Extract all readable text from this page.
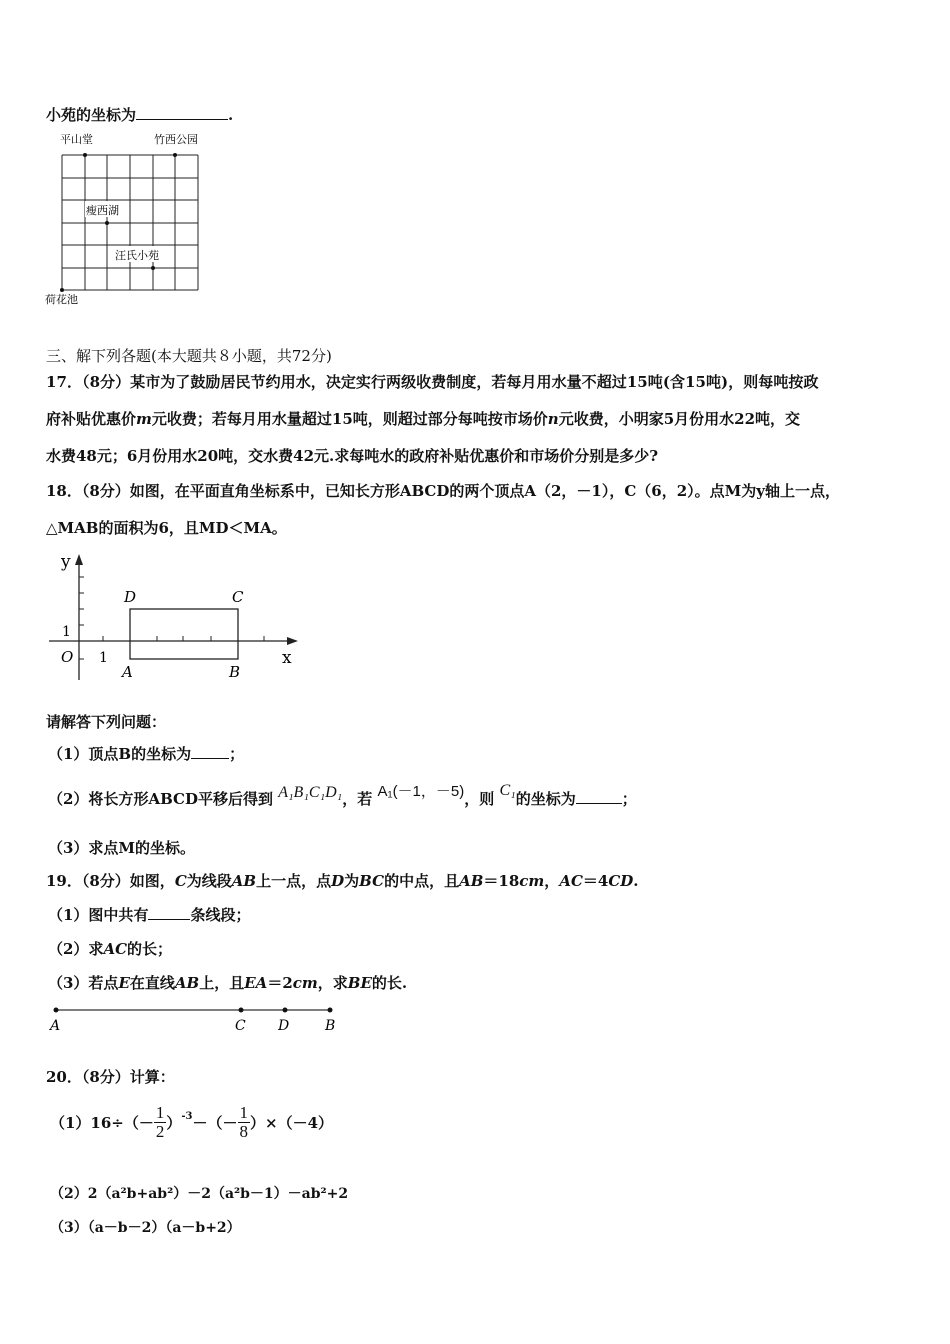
小苑的坐标为	.
平山堂	竹西公园
瘦西湖
汪氏小苑
荷花池
三、解下列各题(本大题共８小题，共72分)
17．（8分）某市为了鼓励居民节约用水，决定实行两级收费制度，若每月用水量不超过15吨(含15吨)，则每吨按政
府补贴优惠价m元收费；若每月用水量超过15吨，则超过部分每吨按市场价n元收费，小明家5月份用水22吨，交
水费48元；6月份用水20吨，交水费42元.求每吨水的政府补贴优惠价和市场价分别是多少?
18．（8分）如图，在平面直角坐标系中，已知长方形ABCD的两个顶点A（2，－1），C（6，2）。点M为y轴上一点，
△MAB的面积为6，且MD＜MA。
y
x
O 1
1
A	B
C
D
请解答下列问题：
（1）顶点B的坐标为	；
（2）将长方形ABCD平移后得到 A₁B₁C₁D₁，若 A₁(－1，－5)，则 C₁的坐标为	；
（3）求点M的坐标。
19．（8分）如图，C为线段AB上一点，点D为BC的中点，且AB＝18cm，AC＝4CD.
（1）图中共有	条线段；
（2）求AC的长；
（3）若点E在直线AB上，且EA＝2cm，求BE的长.
A	C D	B
20．（8分）计算：
$(1)16\div(- \frac{1}{2} )^{-3}$ －（－ $\frac{1}{8} )\times(-4)$
（2）2（a²b+ab²）－2（a²b－1）－ab²+2
（3）（a－b－2）（a－b+2）
